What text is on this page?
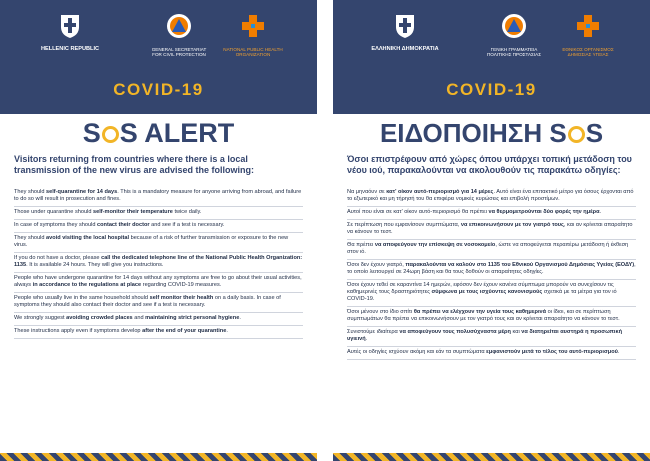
HELLENIC REPUBLIC	GENERAL SECRETARIAT FOR CIVIL PROTECTION
NATIONAL PUBLIC HEALTH ORGANIZATION
COVID-19
S S ALERT
Visitors returning from countries where there is a local transmission of the new virus are advised the following:
They should self-quarantine for 14 days. This is a mandatory measure for anyone arriving from abroad, and failure to do so will result in prosecution and fines.
Those under quarantine should self-monitor their temperature twice daily.
In case of symptoms they should contact their doctor and see if a test is necessary.
They should avoid visiting the local hospital because of a risk of further transmission or exposure to the new virus.
If you do not have a doctor, please call the dedicated telephone line of the National Public Health Organization: 1135. It is available 24 hours. They will give you instructions.
People who have undergone quarantine for 14 days without any symptoms are free to go about their usual activities, always in accordance to the regulations at place regarding COVID-19 measures.
People who usually live in the same household should self monitor their health on a daily basis. In case of symptoms they should also contact their doctor and see if a test is necessary.
We strongly suggest avoiding crowded places and maintaining strict personal hygiene.
These instructions apply even if symptoms develop after the end of your quarantine.
ΕΛΛΗΝΙΚΗ ΔΗΜΟΚΡΑΤΙΑ	ΓΕΝΙΚΗ ΓΡΑΜΜΑΤΕΙΑ ΠΟΛΙΤΙΚΗΣ ΠΡΟΣΤΑΣΙΑΣ
ΕΘΝΙΚΟΣ ΟΡΓΑΝΙΣΜΟΣ ΔΗΜΟΣΙΑΣ ΥΓΕΙΑΣ
COVID-19
ΕΙΔΟΠΟΙΗΣΗ S S
Όσοι επιστρέφουν από χώρες όπου υπάρχει τοπική μετάδοση του νέου ιού, παρακαλούνται να ακολουθούν τις παρακάτω οδηγίες:
Να μηναόυν σε κατ' οίκον αυτό-περιορισμό για 14 μέρες. Αυτό είναι ένα επιτακτικό μέτρο για όσους έρχονται από το εξωτερικό και μη τήρησή του θα επιφέρει νομικές κυρώσεις και επιβολή προστίμων.
Αυτοί που είναι σε κατ' οίκον αυτό-περιορισμό θα πρέπει να θερμομετρούνται δύο φορές την ημέρα.
Σε περίπτωση που εμφανίσουν συμπτώματα, να επικοινωνήσουν με τον γιατρό τους, και αν κρίνεται απαραίτητο να κάνουν το τεστ.
Θα πρέπει να αποφεύγουν την επίσκεψη σε νοσοκομείο, ώστε να αποφεύγεται περαιτέρω μετάδοση ή έκθεση στον ιό.
Όσοι δεν έχουν γιατρό, παρακαλούνται να καλούν στο 1135 του Εθνικού Οργανισμού Δημόσιας Υγείας (ΕΟΔΥ), το οποίο λειτουργεί σε 24ωρη βάση και θα τους δοθούν οι απαραίτητες οδηγίες.
Όσοι έχουν τεθεί σε καραντίνα 14 ημερών, εφόσον δεν έχουν κανένα σύμπτωμα μπορούν να συνεχίσουν τις καθημερινές τους δραστηριότητες σύμφωνα με τους ισχύοντες κανονισμούς σχετικά με τα μέτρα για τον ιό COVID-19.
Όσοι μένουν στο ίδιο σπίτι θα πρέπει να ελέγχουν την υγεία τους καθημερινά οι ίδιοι, και σε περίπτωση συμπτωμάτων θα πρέπει να επικοινωνήσουν με τον γιατρό τους και αν κρίνεται απαραίτητο να κάνουν το τεστ.
Συνιστούμε ιδιαίτερα να αποφεύγουν τους πολυσύχναστα μέρη και να διατηρείται αυστηρά η προσωπική υγιεινή.
Αυτές οι οδηγίες ισχύουν ακόμη και εάν τα συμπτώματα εμφανιστούν μετά το τέλος του αυτό-περιορισμού.
